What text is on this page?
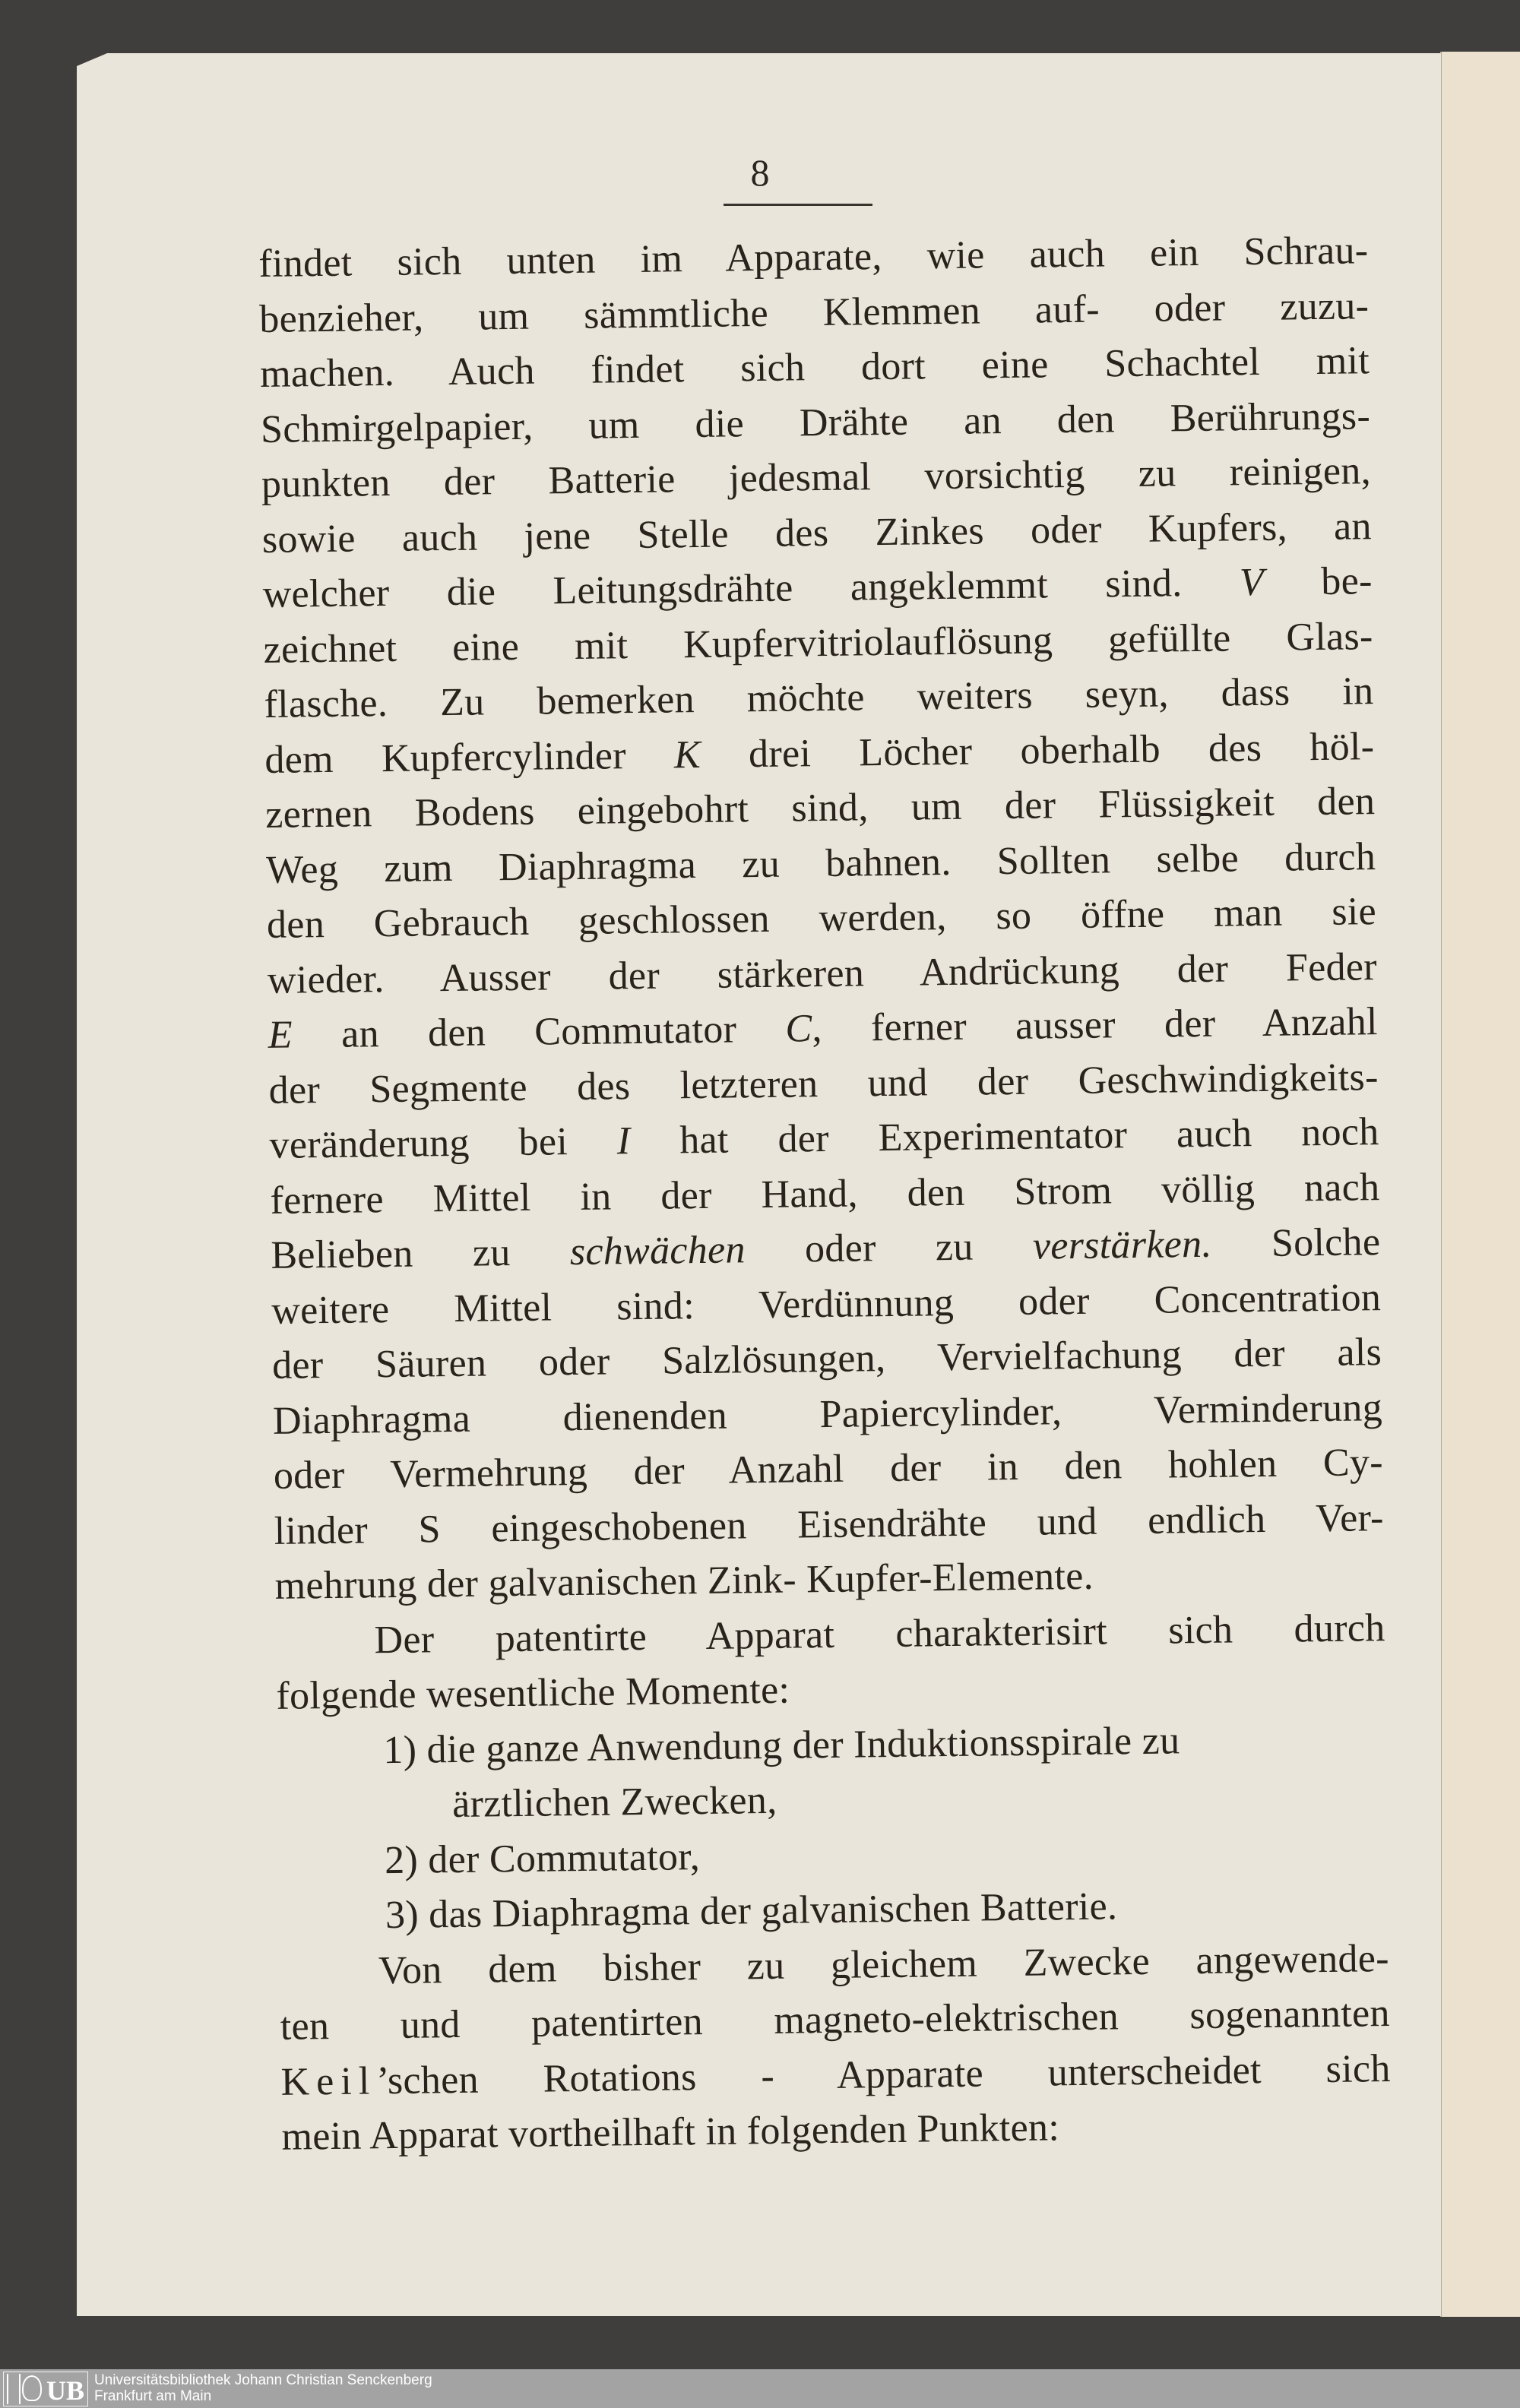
8
findet sich unten im Apparate, wie auch ein Schrau-
benzieher, um sämmtliche Klemmen auf- oder zuzu-
machen. Auch findet sich dort eine Schachtel mit
Schmirgelpapier, um die Drähte an den Berührungs-
punkten der Batterie jedesmal vorsichtig zu reinigen,
sowie auch jene Stelle des Zinkes oder Kupfers, an
welcher die Leitungsdrähte angeklemmt sind. V be-
zeichnet eine mit Kupfervitriolauflösung gefüllte Glas-
flasche. Zu bemerken möchte weiters seyn, dass in
dem Kupfercylinder K drei Löcher oberhalb des höl-
zernen Bodens eingebohrt sind, um der Flüssigkeit den
Weg zum Diaphragma zu bahnen. Sollten selbe durch
den Gebrauch geschlossen werden, so öffne man sie
wieder. Ausser der stärkeren Andrückung der Feder
E an den Commutator C, ferner ausser der Anzahl
der Segmente des letzteren und der Geschwindigkeits-
veränderung bei I hat der Experimentator auch noch
fernere Mittel in der Hand, den Strom völlig nach
Belieben zu schwächen oder zu verstärken. Solche
weitere Mittel sind: Verdünnung oder Concentration
der Säuren oder Salzlösungen, Vervielfachung der als
Diaphragma dienenden Papiercylinder, Verminderung
oder Vermehrung der Anzahl der in den hohlen Cy-
linder S eingeschobenen Eisendrähte und endlich Ver-
mehrung der galvanischen Zink- Kupfer-Elemente.
Der patentirte Apparat charakterisirt sich durch
folgende wesentliche Momente:
1) die ganze Anwendung der Induktionsspirale zu
ärztlichen Zwecken,
2) der Commutator,
3) das Diaphragma der galvanischen Batterie.
Von dem bisher zu gleichem Zwecke angewende-
ten und patentirten magneto-elektrischen sogenannten
Keil’schen Rotations - Apparate unterscheidet sich
mein Apparat vortheilhaft in folgenden Punkten:
UB Universitätsbibliothek Johann Christian Senckenberg
Frankfurt am Main
